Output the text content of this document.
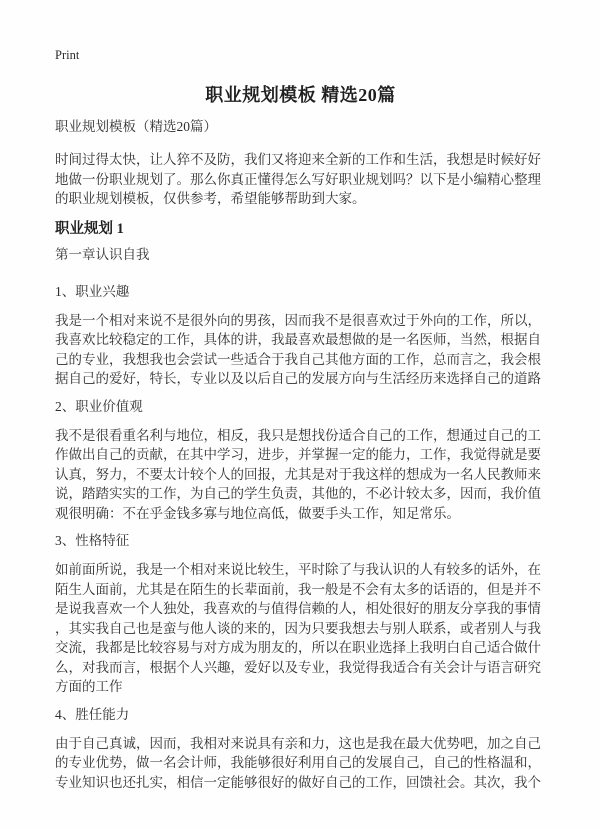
Print
职业规划模板 精选20篇
职业规划模板（精选20篇）

时间过得太快，让人猝不及防，我们又将迎来全新的工作和生活，我想是时候好好地做一份职业规划了。那么你真正懂得怎么写好职业规划吗？以下是小编精心整理的职业规划模板，仅供参考，希望能够帮助到大家。

职业规划 1
第一章认识自我
1、职业兴趣

我是一个相对来说不是很外向的男孩，因而我不是很喜欢过于外向的工作，所以，我喜欢比较稳定的工作，具体的讲，我最喜欢最想做的是一名医师，当然，根据自己的专业，我想我也会尝试一些适合于我自己其他方面的工作，总而言之，我会根据自己的爱好，特长，专业以及以后自己的发展方向与生活经历来选择自己的道路

2、职业价值观

我不是很看重名利与地位，相反，我只是想找份适合自己的工作，想通过自己的工作做出自己的贡献，在其中学习，进步，并掌握一定的能力，工作，我觉得就是要认真，努力，不要太计较个人的回报，尤其是对于我这样的想成为一名人民教师来说，踏踏实实的工作，为自己的学生负责，其他的，不必计较太多，因而，我价值观很明确：不在乎金钱多寡与地位高低，做要手头工作，知足常乐。

3、性格特征

如前面所说，我是一个相对来说比较生，平时除了与我认识的人有较多的话外，在陌生人面前，尤其是在陌生的长辈面前，我一般是不会有太多的话语的，但是并不是说我喜欢一个人独处，我喜欢的与值得信赖的人，相处很好的朋友分享我的事情，其实我自己也是蛮与他人谈的来的，因为只要我想去与别人联系，或者别人与我交流，我都是比较容易与对方成为朋友的，所以在职业选择上我明白自己适合做什么，对我而言，根据个人兴趣，爱好以及专业，我觉得我适合有关会计与语言研究方面的工作

4、胜任能力

由于自己真诚，因而，我相对来说具有亲和力，这也是我在最大优势吧，加之自己的专业优势，做一名会计师，我能够很好利用自己的发展自己，自己的性格温和，专业知识也还扎实，相信一定能够很好的做好自己的工作，回馈社会。其次，我个
